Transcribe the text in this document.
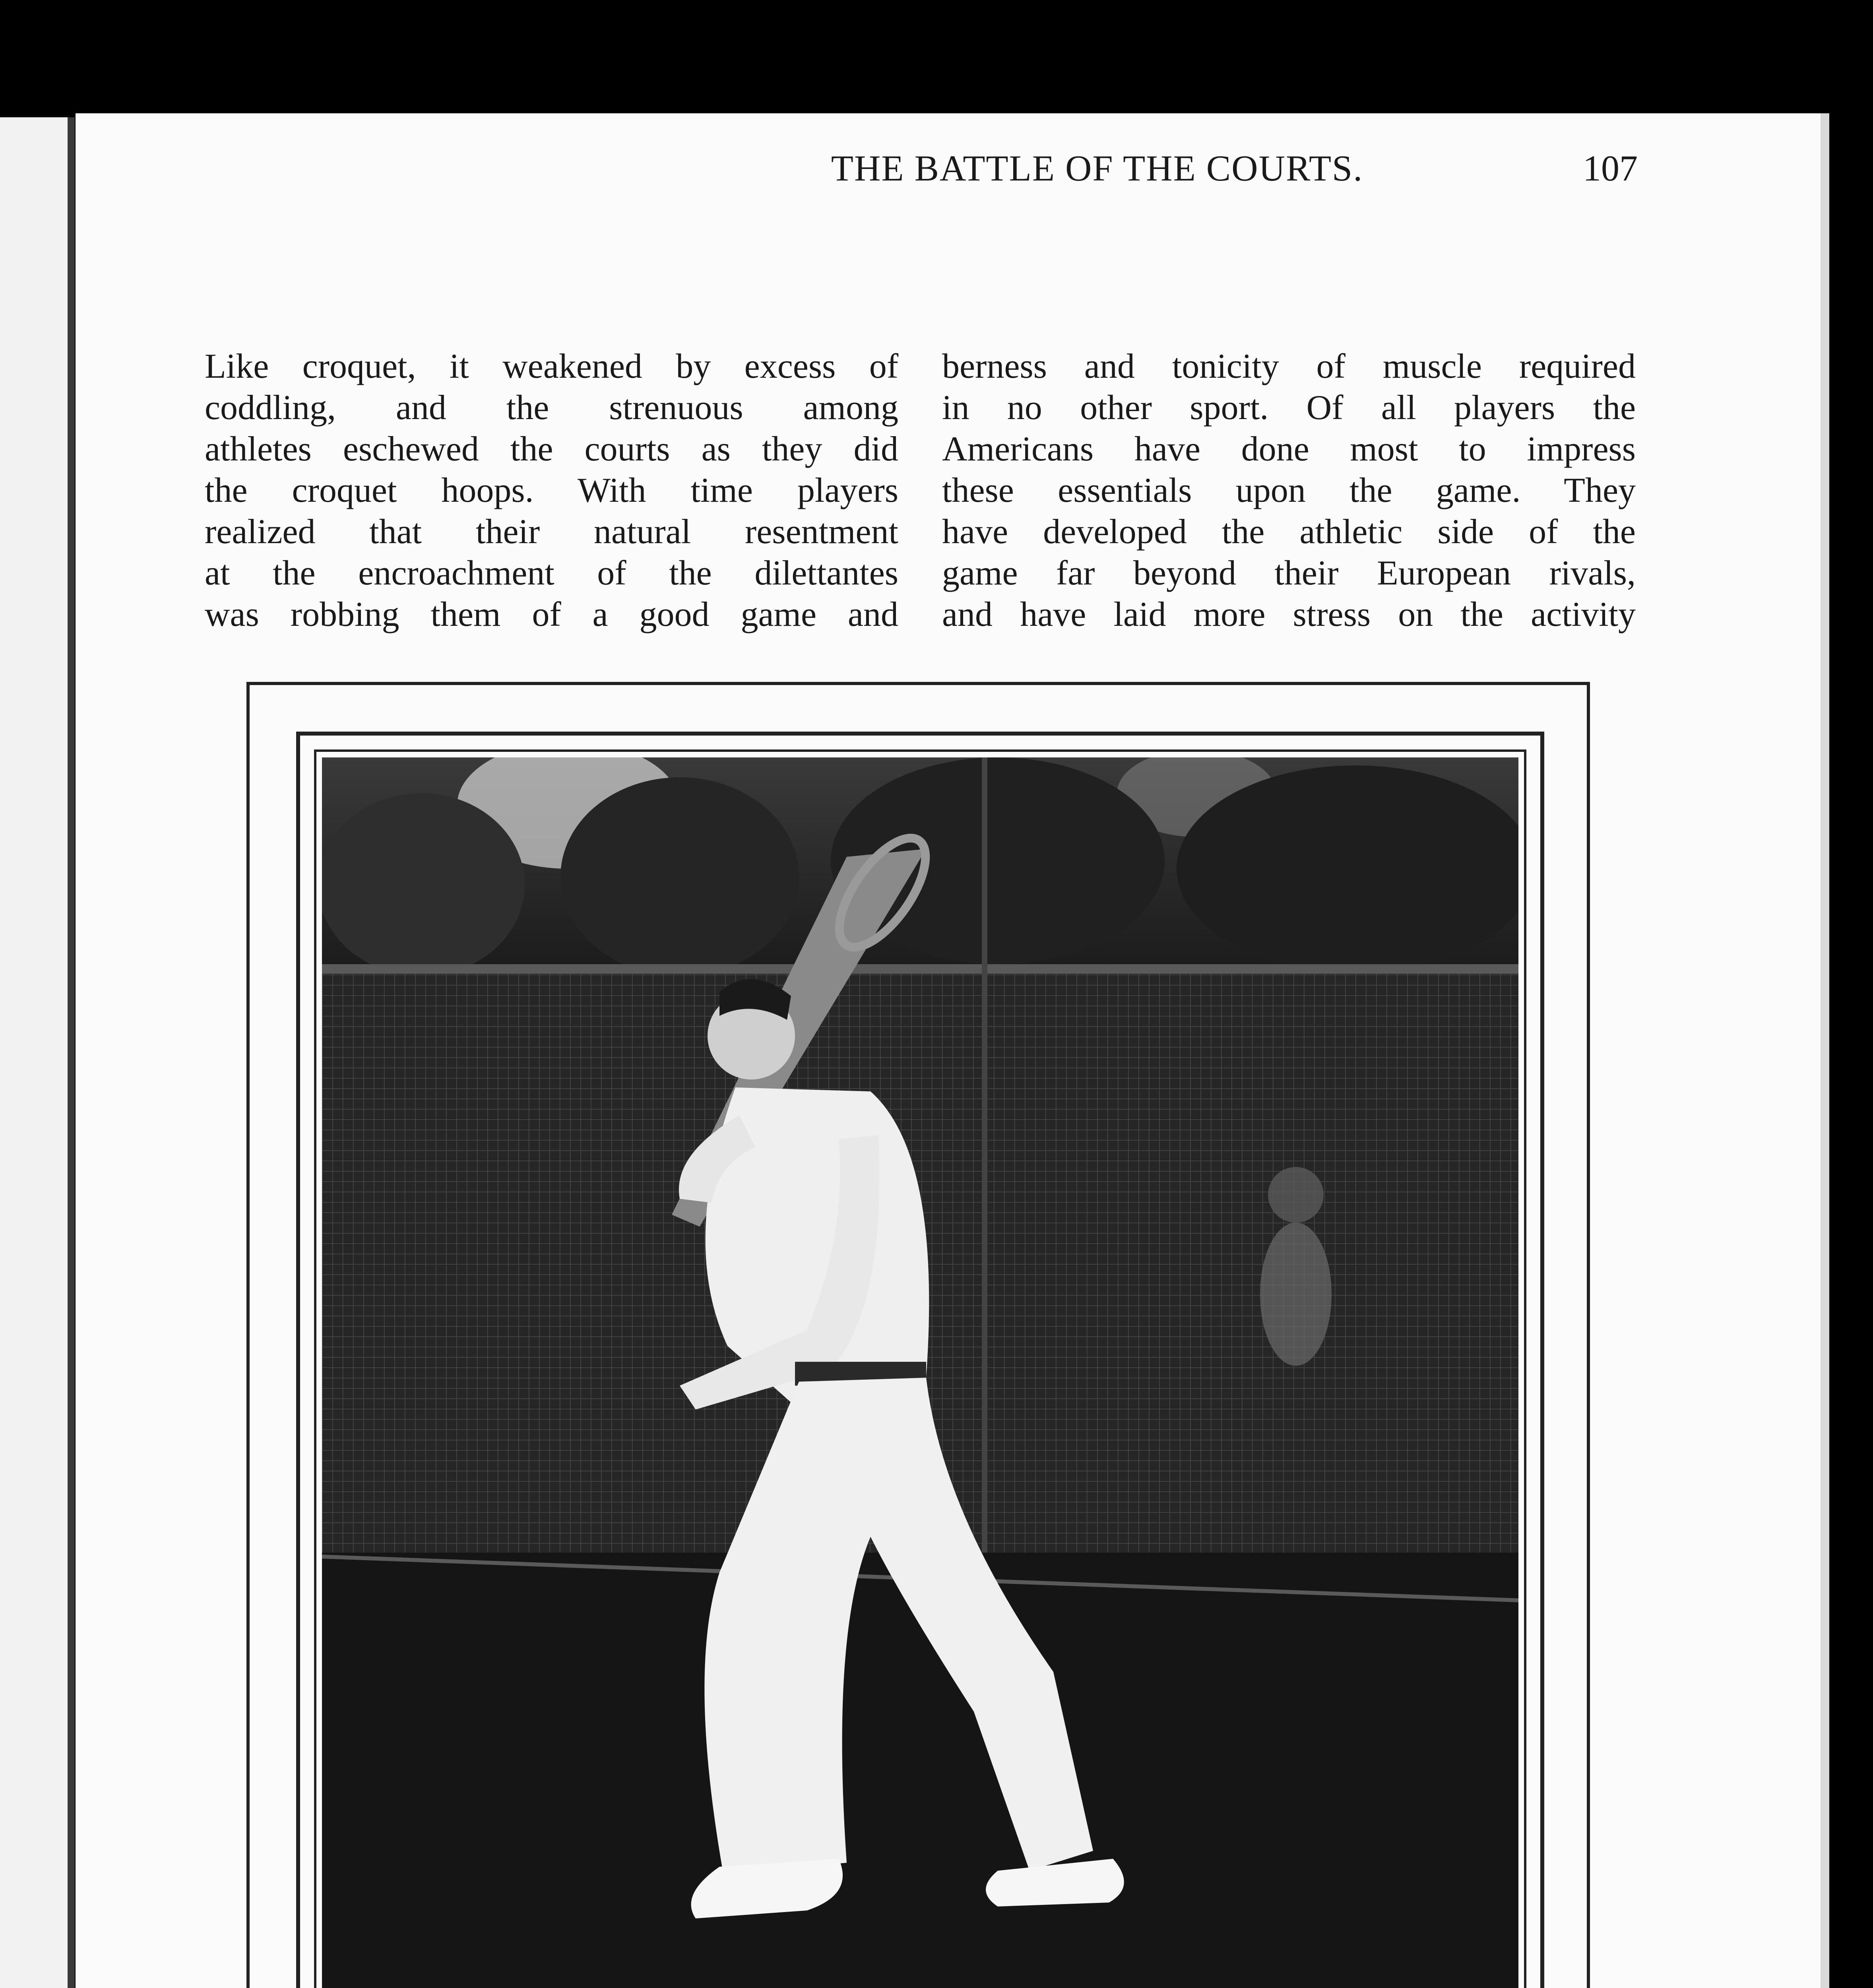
THE BATTLE OF THE COURTS.	107
Like croquet, it weakened by excess of
coddling, and the strenuous among
athletes eschewed the courts as they did
the croquet hoops. With time players
realized that their natural resentment
at the encroachment of the dilettantes
was robbing them of a good game and
berness and tonicity of muscle required
in no other sport. Of all players the
Americans have done most to impress
these essentials upon the game. They
have developed the athletic side of the
game far beyond their European rivals,
and have laid more stress on the activity
